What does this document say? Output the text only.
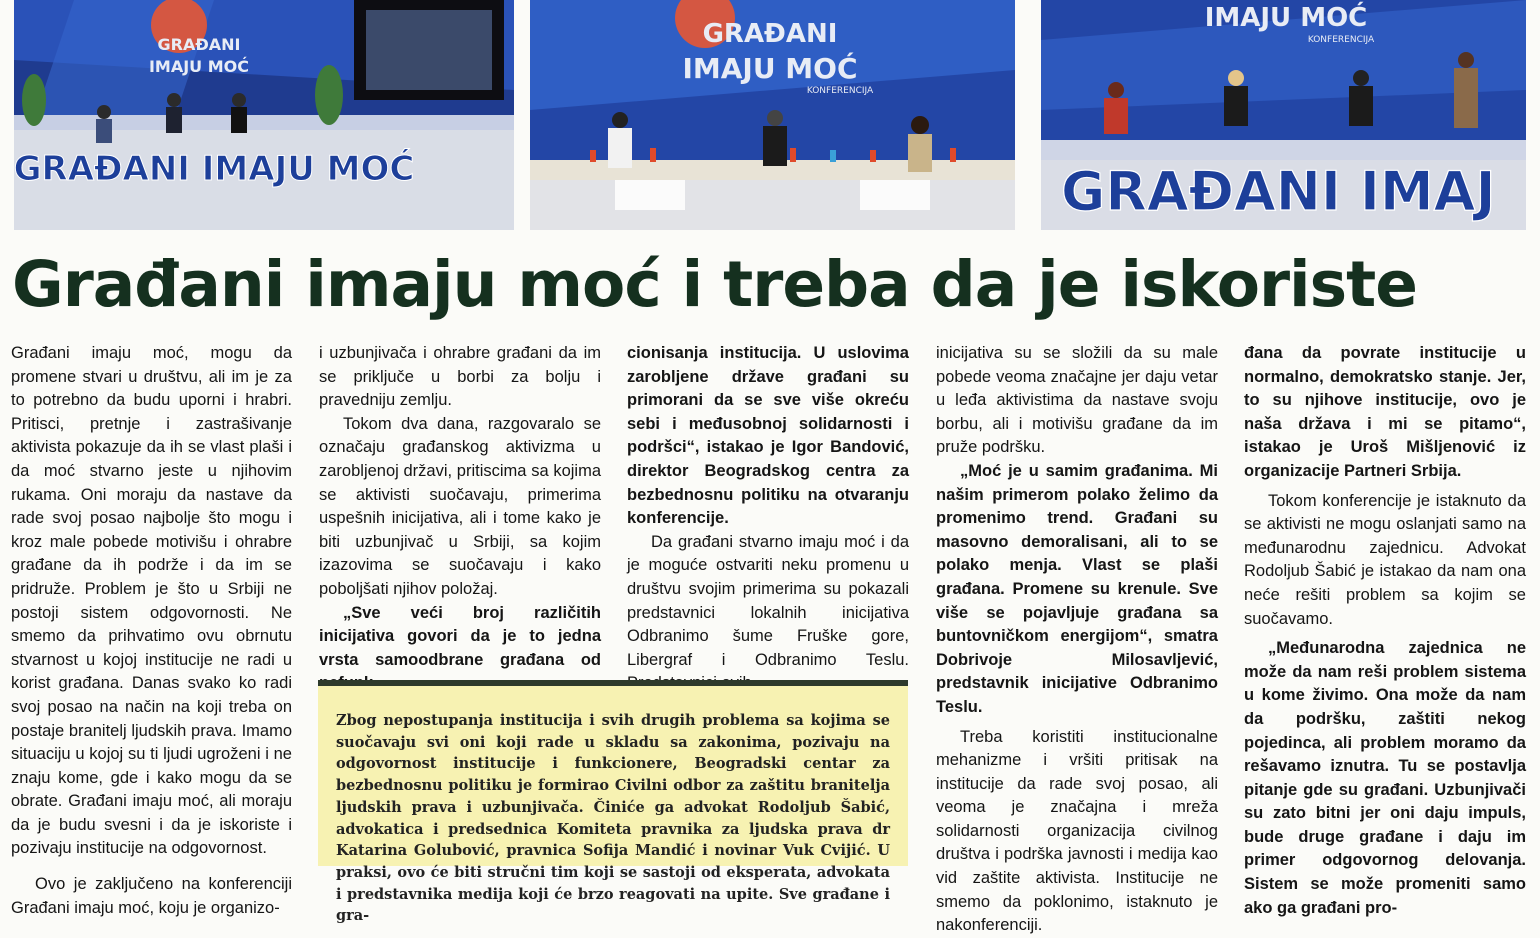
GRAĐANI
IMAJU MOĆ
GRAĐANI IMAJU MOĆ
GRAĐANI
IMAJU MOĆ
KONFERENCIJA
IMAJU MOĆ
KONFERENCIJA
GRAĐANI IMAJ
Građani imaju moć i treba da je iskoriste

Građani imaju moć, mogu da promene stvari u društvu, ali im je za to potrebno da budu uporni i hrabri. Pritisci, pretnje i zastrašivanje aktivista pokazuje da ih se vlast plaši i da moć stvarno jeste u njihovim rukama. Oni moraju da nastave da rade svoj posao najbolje što mogu i kroz male pobede motivišu i ohrabre građane da ih podrže i da im se pridruže. Problem je što u Srbiji ne postoji sistem odgovornosti. Ne smemo da prihvatimo ovu obrnutu stvarnost u kojoj institucije ne radi u korist građana. Danas svako ko radi svoj posao na način na koji treba on postaje branitelj ljudskih prava. Imamo situaciju u kojoj su ti ljudi ugroženi i ne znaju kome, gde i kako mogu da se obrate. Građani imaju moć, ali moraju da je budu svesni i da je iskoriste i pozivaju institucije na odgovornost.

Ovo je zaključeno na konferenciji Građani imaju moć, koju je organizo-

i uzbunjivača i ohrabre građani da im se priključe u borbi za bolju i pravedniju zemlju.

Tokom dva dana, razgovaralo se označaju građanskog aktivizma u zarobljenoj državi, pritiscima sa kojima se aktivisti suočavaju, primerima uspešnih inicijativa, ali i tome kako je biti uzbunjivač u Srbiji, sa kojim izazovima se suočavaju i kako poboljšati njihov položaj.

„Sve veći broj različitih inicijativa govori da je to jedna vrsta samoodbrane građana od

cionisanja institucija. U uslovima zarobljene države građani su primorani da se sve više okreću sebi i međusobnoj solidarnosti i podršci“, istakao je Igor Bandović, direktor Beogradskog centra za bezbednosnu politiku na otvaranju konferencije.

Da građani stvarno imaju moć i da je moguće ostvariti neku promenu u društvu svojim primerima su pokazali predstavnici lokalnih inicijativa Odbranimo šume Fruške gore, Libergraf i Odbranimo Teslu.

Zbog nepostupanja institucija i svih drugih problema sa kojima se suočavaju svi oni koji rade u skladu sa zakonima, pozivaju na odgovornost institucije i funkcionere, Beogradski centar za bezbednosnu politiku je formirao Civilni odbor za zaštitu branitelja ljudskih prava i uzbunjivača. Činiće ga advokat Rodoljub Šabić, advokatica i predsednica Komiteta pravnika za ljudska prava dr Katarina Golubović, pravnica Sofija Mandić i novinar Vuk Cvijić. U praksi, ovo će biti stručni tim koji se sastoji od eksperata, advokata i predstavnika medija koji će brzo reagovati na upite. Sve građane i gra-

inicijativa su se složili da su male pobede veoma značajne jer daju vetar u leđa aktivistima da nastave svoju borbu, ali i motivišu građane da im pruže podršku.

„Moć je u samim građanima. Mi našim primerom polako želimo da promenimo trend. Građani su masovno demoralisani, ali to se polako menja. Vlast se plaši građana. Promene su krenule. Sve više se pojavljuje građana sa buntovničkom energijom“, smatra Dobrivoje Milosavljević, predstavnik inicijative Odbranimo Teslu.

Treba koristiti institucionalne mehanizme i vršiti pritisak na institucije da rade svoj posao, ali veoma je značajna i mreža solidarnosti organizacija civilnog društva i podrška javnosti i medija kao vid zaštite aktivista. Institucije ne smemo da poklonimo, istaknuto je nakonferenciji.

đana da povrate institucije u normalno, demokratsko stanje. Jer, to su njihove institucije, ovo je naša država i mi se pitamo“, istakao je Uroš Mišljenović iz organizacije Partneri Srbija.

Tokom konferencije je istaknuto da se aktivisti ne mogu oslanjati samo na međunarodnu zajednicu. Advokat Rodoljub Šabić je istakao da nam ona neće rešiti problem sa kojim se suočavamo.

„Međunarodna zajednica ne može da nam reši problem sistema u kome živimo. Ona može da nam da podršku, zaštiti nekog pojedinca, ali problem moramo da rešavamo iznutra. Tu se postavlja pitanje gde su građani. Uzbunjivači su zato bitni jer oni daju impuls, bude druge građane i daju im primer odgovornog delovanja. Sistem se može promeniti samo ako ga građani pro-
